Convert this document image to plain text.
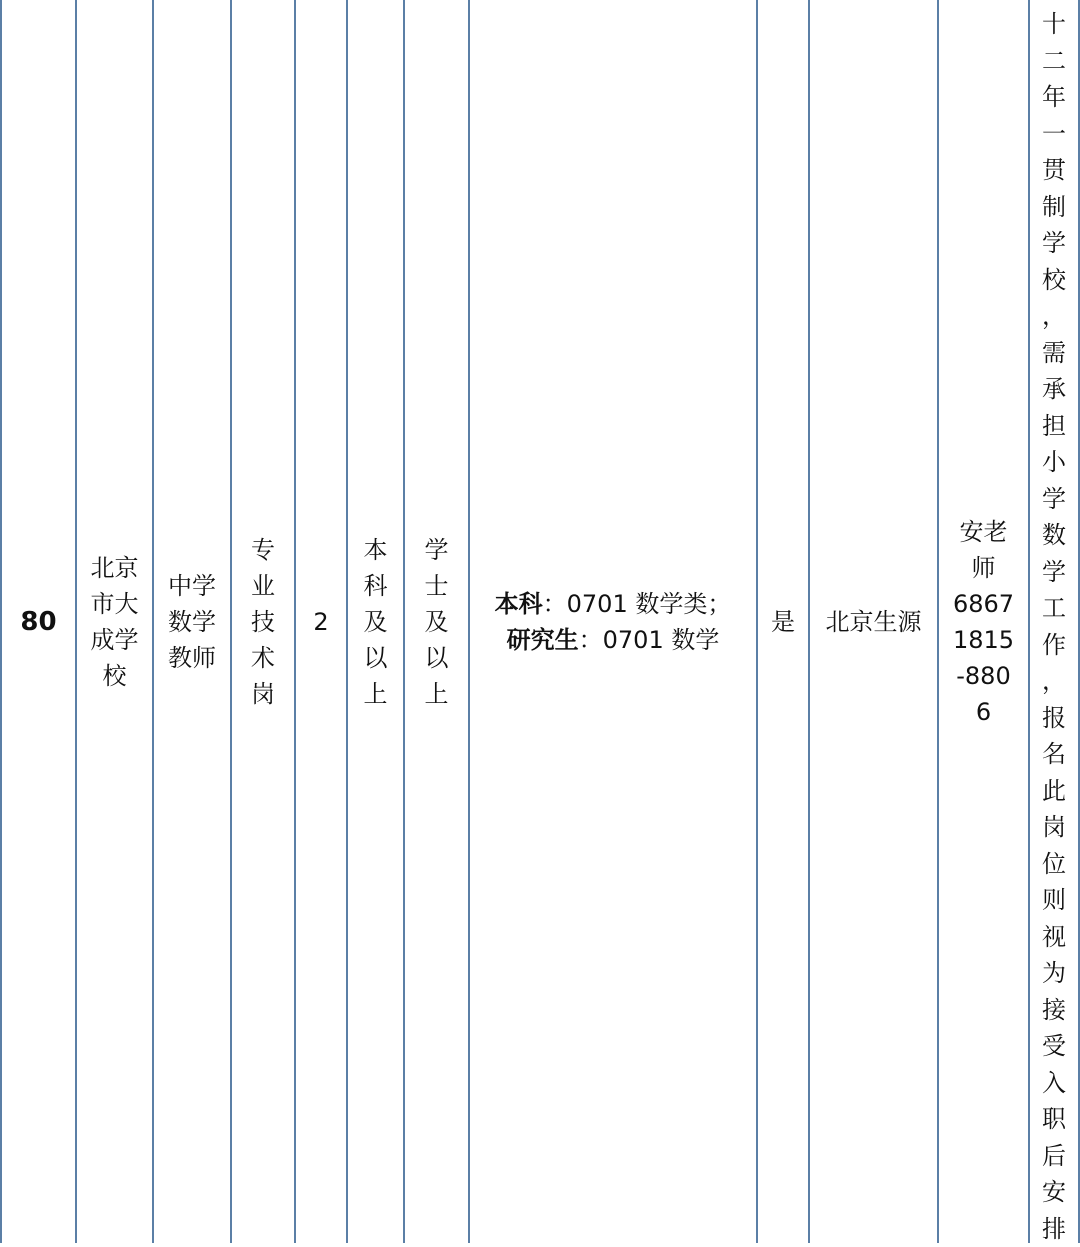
80
北京
市大
成学
校
中学
数学
教师
专
业
技
术
岗
2
本
科
及
以
上
学
士
及
以
上
本科：0701 数学类；
研究生：0701 数学
是 北京生源
安老
师
6867
1815
-880
6
十
二
年
一
贯
制
学
校
，
需
承
担
小
学
数
学
工
作
，
报
名
此
岗
位
则
视
为
接
受
入
职
后
安
排
